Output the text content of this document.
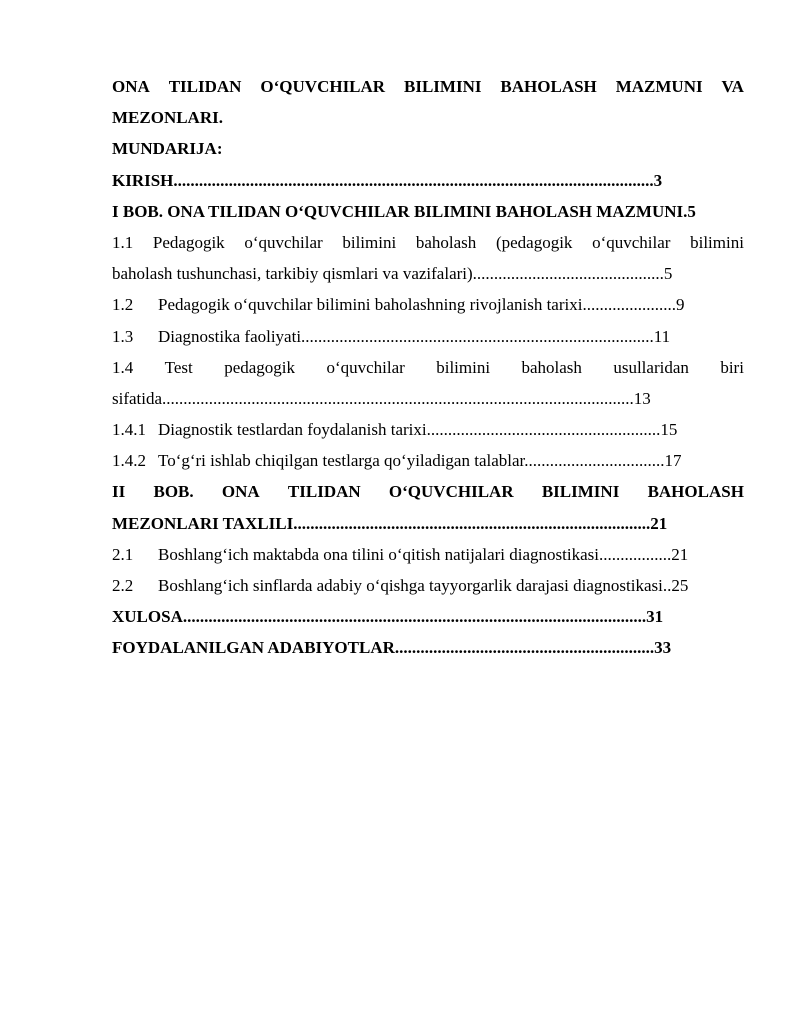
ONA TILIDAN O‘QUVCHILAR BILIMINI BAHOLASH MAZMUNI VA
MEZONLARI.
MUNDARIJA:
KIRISH.................................................................................................................3
I BOB. ONA TILIDAN O‘QUVCHILAR BILIMINI BAHOLASH MAZMUNI.5
1.1 Pedagogik o‘quvchilar bilimini baholash (pedagogik o‘quvchilar bilimini
baholash tushunchasi, tarkibiy qismlari va vazifalari).............................................5
1.2 Pedagogik o‘quvchilar bilimini baholashning rivojlanish tarixi......................9
1.3 Diagnostika faoliyati...................................................................................11
1.4 Test pedagogik o‘quvchilar bilimini baholash usullaridan biri
sifatida...............................................................................................................13
1.4.1 Diagnostik testlardan foydalanish tarixi.......................................................15
1.4.2 To‘g‘ri ishlab chiqilgan testlarga qo‘yiladigan talablar.................................17
II BOB. ONA TILIDAN O‘QUVCHILAR BILIMINI BAHOLASH
MEZONLARI TAXLILI....................................................................................21
2.1 Boshlang‘ich maktabda ona tilini o‘qitish natijalari diagnostikasi.................21
2.2 Boshlang‘ich sinflarda adabiy o‘qishga tayyorgarlik darajasi diagnostikasi..25
XULOSA.............................................................................................................31
FOYDALANILGAN ADABIYOTLAR.............................................................33
